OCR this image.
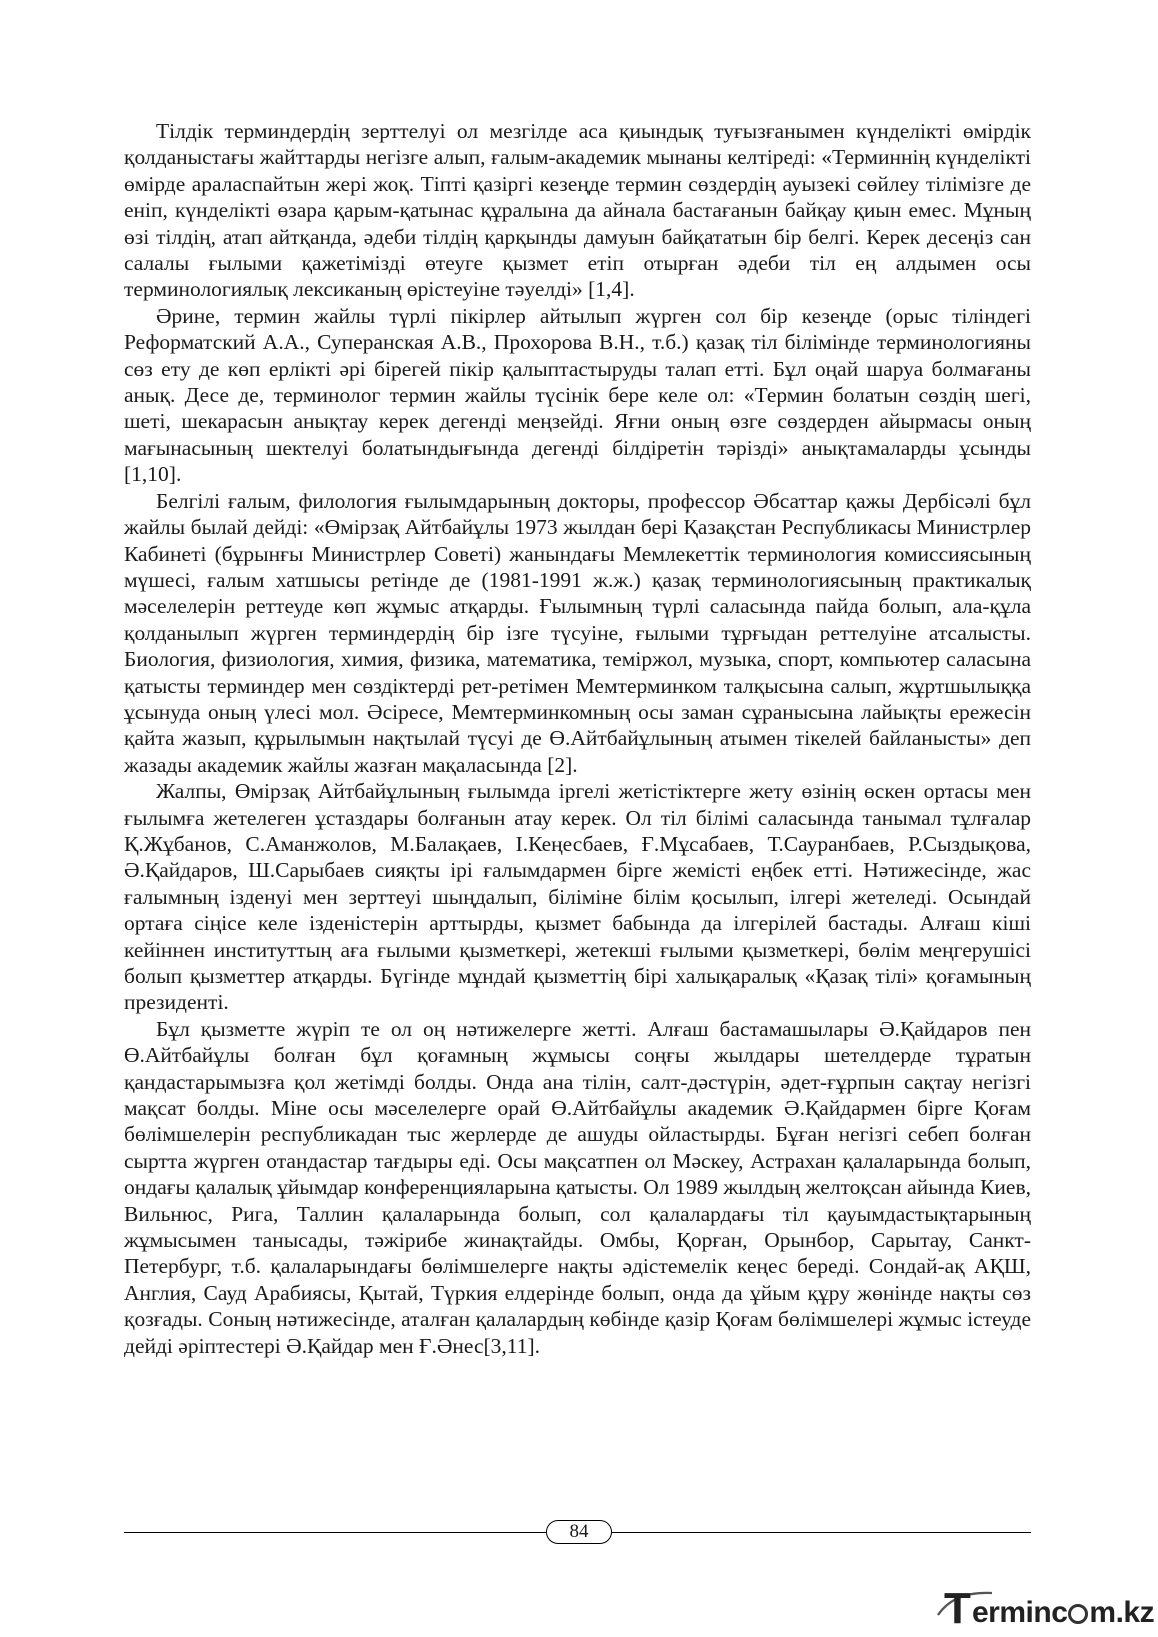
Тілдік терминдердің зерттелуі ол мезгілде аса қиындық туғызғанымен күнделікті өмірдік қолданыстағы жайттарды негізге алып, ғалым-академик мынаны келтіреді: «Терминнің күнделікті өмірде араласпайтын жері жоқ. Тіпті қазіргі кезеңде термин сөздердің ауызекі сөйлеу тілімізге де еніп, күнделікті өзара қарым-қатынас құралына да айнала бастағанын байқау қиын емес. Мұның өзі тілдің, атап айтқанда, әдеби тілдің қарқынды дамуын байқататын бір белгі. Керек десеңіз сан салалы ғылыми қажетімізді өтеуге қызмет етіп отырған әдеби тіл ең алдымен осы терминологиялық лексиканың өрістеуіне тәуелді» [1,4].

Әрине, термин жайлы түрлі пікірлер айтылып жүрген сол бір кезеңде (орыс тіліндегі Реформатский А.А., Суперанская А.В., Прохорова В.Н., т.б.) қазақ тіл білімінде терминологияны сөз ету де көп ерлікті әрі бірегей пікір қалыптастыруды талап етті. Бұл оңай шаруа болмағаны анық. Десе де, терминолог термин жайлы түсінік бере келе ол: «Термин болатын сөздің шегі, шеті, шекарасын анықтау керек дегенді меңзейді. Яғни оның өзге сөздерден айырмасы оның мағынасының шектелуі болатындығында дегенді білдіретін тәрізді» анықтамаларды ұсынды [1,10].

Белгілі ғалым, филология ғылымдарының докторы, профессор Әбсаттар қажы Дербісәлі бұл жайлы былай дейді: «Өмірзақ Айтбайұлы 1973 жылдан бері Қазақстан Республикасы Министрлер Кабинеті (бұрынғы Министрлер Советі) жанындағы Мемлекеттік терминология комиссиясының мүшесі, ғалым хатшысы ретінде де (1981-1991 ж.ж.) қазақ терминологиясының практикалық мәселелерін реттеуде көп жұмыс атқарды. Ғылымның түрлі саласында пайда болып, ала-құла қолданылып жүрген терминдердің бір ізге түсуіне, ғылыми тұрғыдан реттелуіне атсалысты. Биология, физиология, химия, физика, математика, теміржол, музыка, спорт, компьютер саласына қатысты терминдер мен сөздіктерді рет-ретімен Мемтерминком талқысына салып, жұртшылыққа ұсынуда оның үлесі мол. Әсіресе, Мемтерминкомның осы заман сұранысына лайықты ережесін қайта жазып, құрылымын нақтылай түсуі де Ө.Айтбайұлының атымен тікелей байланысты» деп жазады академик жайлы жазған мақаласында [2].

Жалпы, Өмірзақ Айтбайұлының ғылымда іргелі жетістіктерге жету өзінің өскен ортасы мен ғылымға жетелеген ұстаздары болғанын атау керек. Ол тіл білімі саласында танымал тұлғалар Қ.Жұбанов, С.Аманжолов, М.Балақаев, І.Кеңесбаев, Ғ.Мұсабаев, Т.Сауранбаев, Р.Сыздықова, Ә.Қайдаров, Ш.Сарыбаев сияқты ірі ғалымдармен бірге жемісті еңбек етті. Нәтижесінде, жас ғалымның ізденуі мен зерттеуі шыңдалып, біліміне білім қосылып, ілгері жетеледі. Осындай ортаға сіңісе келе ізденістерін арттырды, қызмет бабында да ілгерілей бастады. Алғаш кіші кейіннен институттың аға ғылыми қызметкері, жетекші ғылыми қызметкері, бөлім меңгерушісі болып қызметтер атқарды. Бүгінде мұндай қызметтің бірі халықаралық «Қазақ тілі» қоғамының президенті.

Бұл қызметте жүріп те ол оң нәтижелерге жетті. Алғаш бастамашылары Ә.Қайдаров пен Ө.Айтбайұлы болған бұл қоғамның жұмысы соңғы жылдары шетелдерде тұратын қандастарымызға қол жетімді болды. Онда ана тілін, салт-дәстүрін, әдет-ғұрпын сақтау негізгі мақсат болды. Міне осы мәселелерге орай Ө.Айтбайұлы академик Ә.Қайдармен бірге Қоғам бөлімшелерін республикадан тыс жерлерде де ашуды ойластырды. Бұған негізгі себеп болған сыртта жүрген отандастар тағдыры еді. Осы мақсатпен ол Мәскеу, Астрахан қалаларында болып, ондағы қалалық ұйымдар конференцияларына қатысты. Ол 1989 жылдың желтоқсан айында Киев, Вильнюс, Рига, Таллин қалаларында болып, сол қалалардағы тіл қауымдастықтарының жұмысымен танысады, тәжірибе жинақтайды. Омбы, Қорған, Орынбор, Сарытау, Санкт-Петербург, т.б. қалаларындағы бөлімшелерге нақты әдістемелік кеңес береді. Сондай-ақ АҚШ, Англия, Сауд Арабиясы, Қытай, Түркия елдерінде болып, онда да ұйым құру жөнінде нақты сөз қозғады. Соның нәтижесінде, аталған қалалардың көбінде қазір Қоғам бөлімшелері жұмыс істеуде дейді әріптестері Ә.Қайдар мен Ғ.Әнес[3,11].

84
T erminc m.kz
